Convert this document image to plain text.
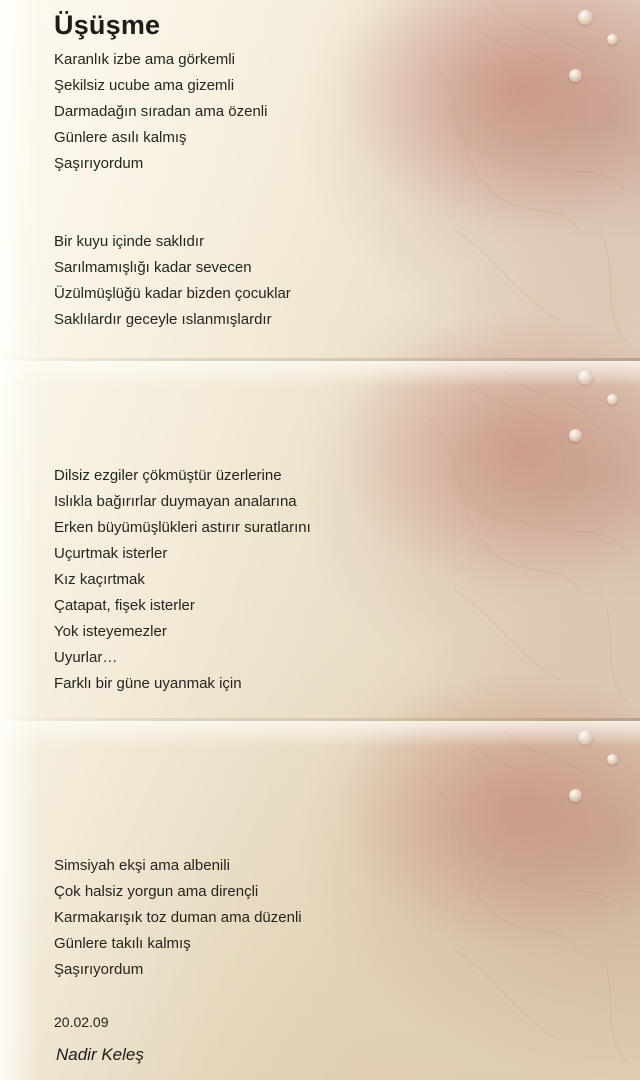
Üşüşme
Karanlık izbe ama görkemli
Şekilsiz ucube ama gizemli
Darmadağın sıradan ama özenli
Günlere asılı kalmış
Şaşırıyordum

Bir kuyu içinde saklıdır
Sarılmamışlığı kadar sevecen
Üzülmüşlüğü kadar bizden çocuklar
Saklılardır geceyle ıslanmışlardır

Dilsiz ezgiler çökmüştür üzerlerine
Islıkla bağırırlar duymayan analarına
Erken büyümüşlükleri astırır suratlarını
Uçurtmak isterler
Kız kaçırtmak
Çatapat, fişek isterler
Yok isteyemezler
Uyurlar…
Farklı bir güne uyanmak için

Simsiyah ekşi ama albenili
Çok halsiz yorgun ama dirençli
Karmakarışık toz duman ama düzenli
Günlere takılı kalmış
Şaşırıyordum

20.02.09
Nadir Keleş
